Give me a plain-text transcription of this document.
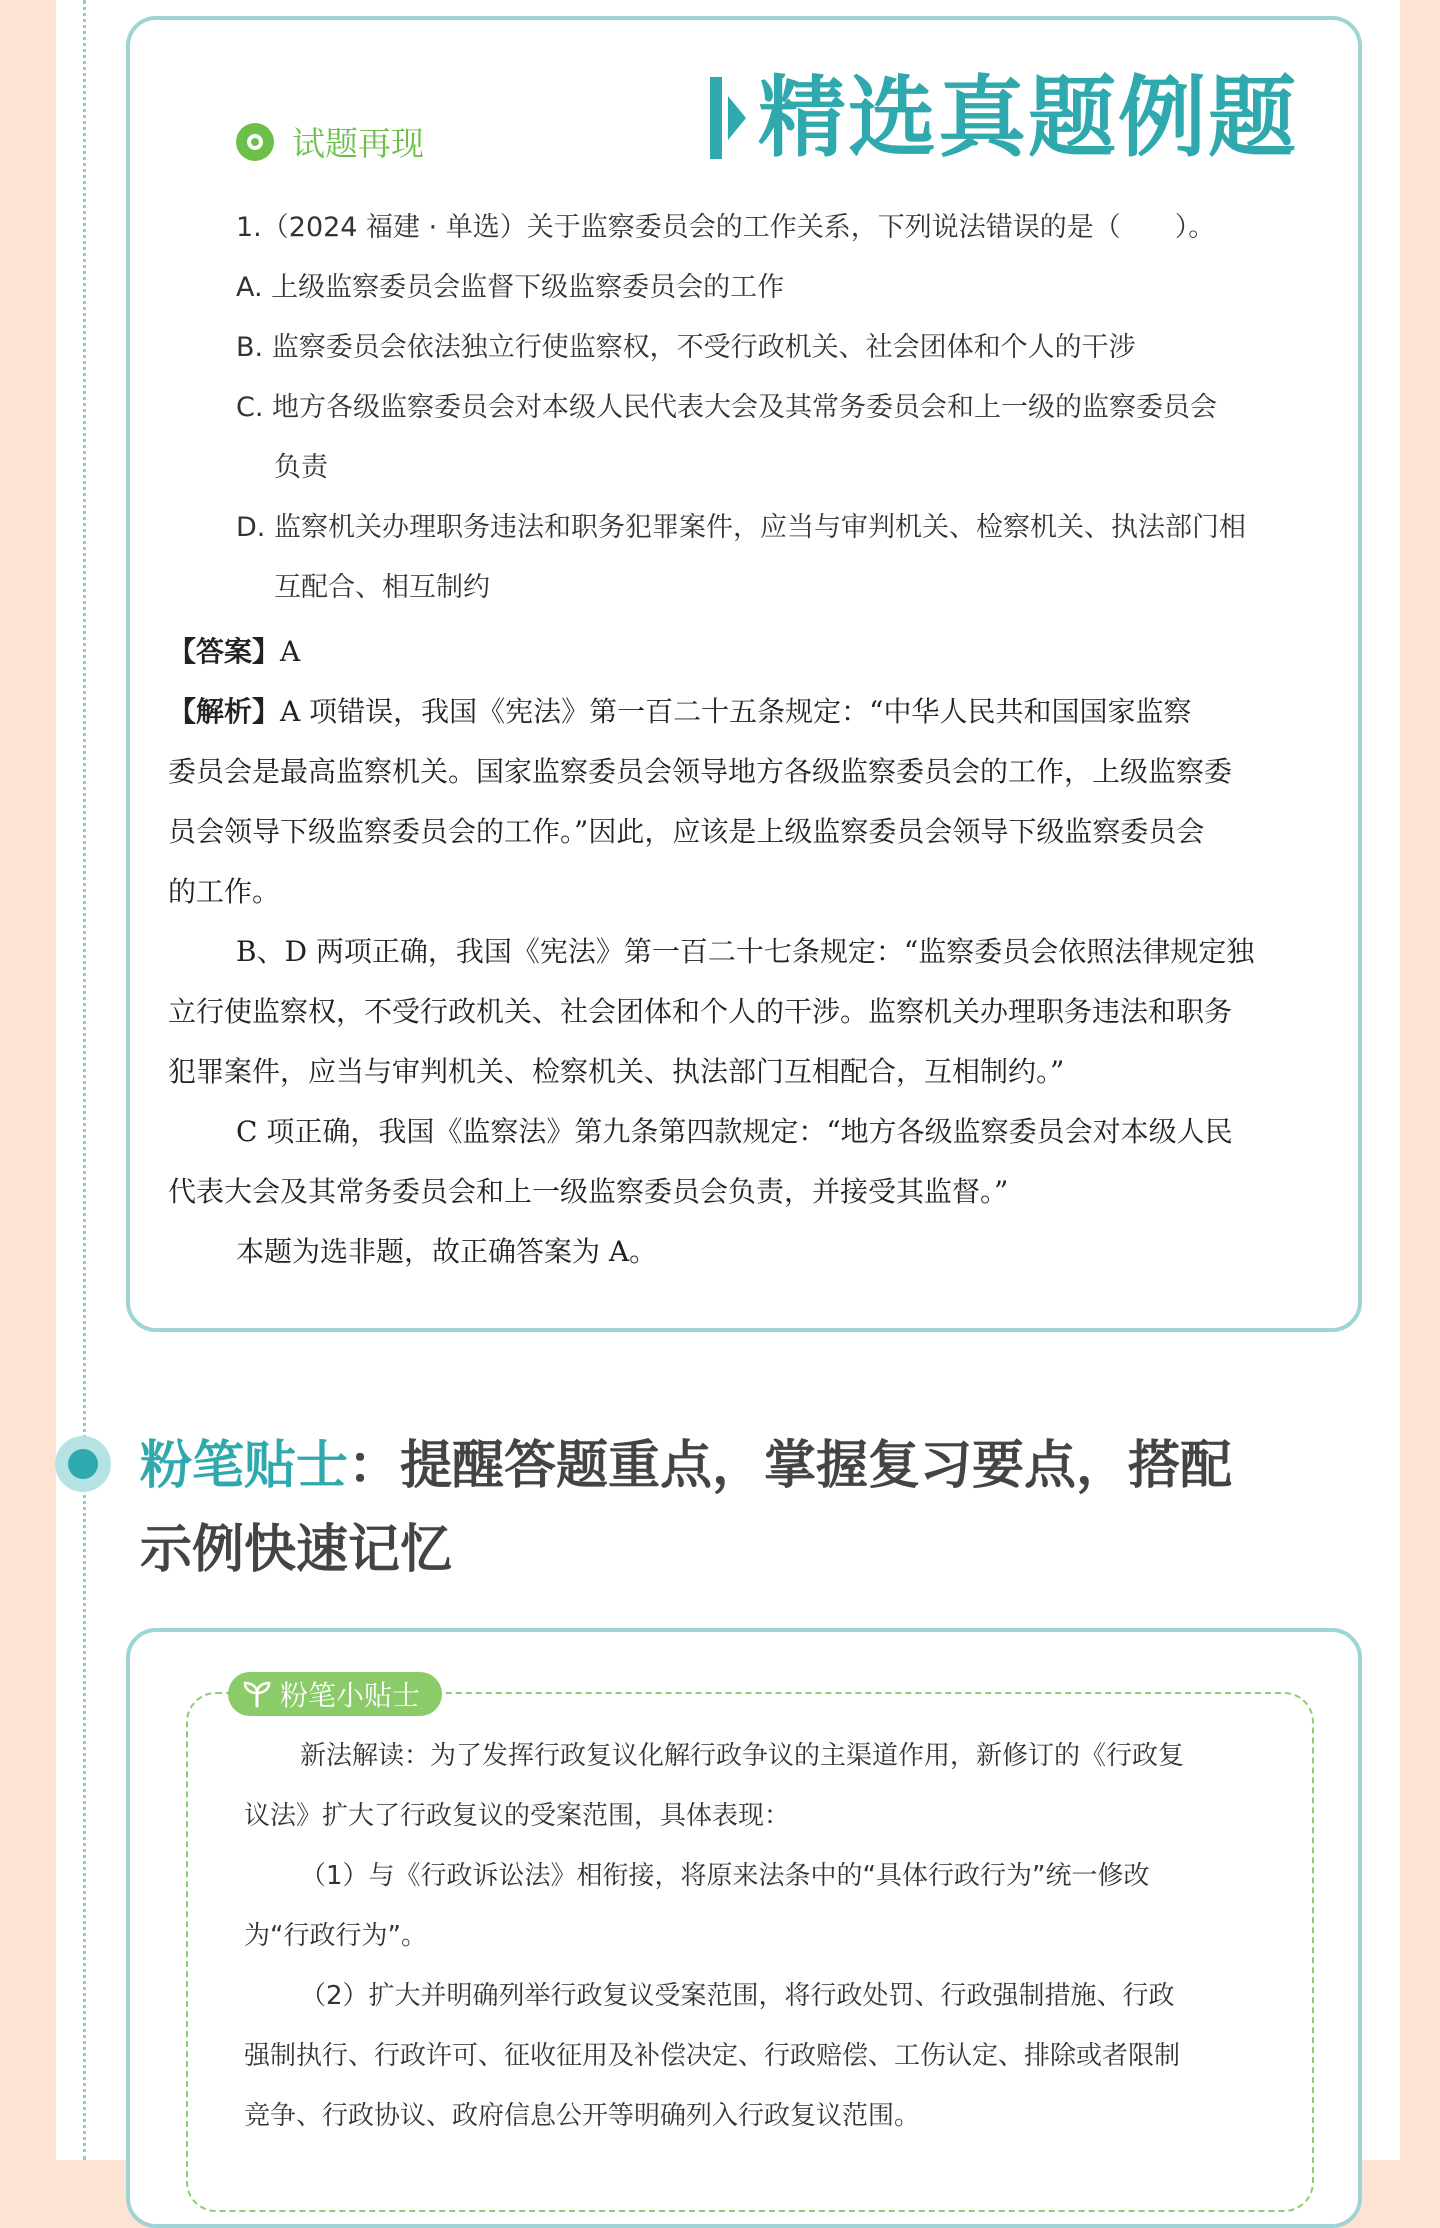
精选真题例题
试题再现
1.（2024 福建 · 单选）关于监察委员会的工作关系，下列说法错误的是（　　）。
A. 上级监察委员会监督下级监察委员会的工作
B. 监察委员会依法独立行使监察权，不受行政机关、社会团体和个人的干涉
C. 地方各级监察委员会对本级人民代表大会及其常务委员会和上一级的监察委员会
负责
D. 监察机关办理职务违法和职务犯罪案件，应当与审判机关、检察机关、执法部门相
互配合、相互制约
【答案】A
【解析】A 项错误，我国《宪法》第一百二十五条规定：“中华人民共和国国家监察
委员会是最高监察机关。国家监察委员会领导地方各级监察委员会的工作，上级监察委
员会领导下级监察委员会的工作。”因此，应该是上级监察委员会领导下级监察委员会
的工作。
B、D 两项正确，我国《宪法》第一百二十七条规定：“监察委员会依照法律规定独
立行使监察权，不受行政机关、社会团体和个人的干涉。监察机关办理职务违法和职务
犯罪案件，应当与审判机关、检察机关、执法部门互相配合，互相制约。”
C 项正确，我国《监察法》第九条第四款规定：“地方各级监察委员会对本级人民
代表大会及其常务委员会和上一级监察委员会负责，并接受其监督。”
本题为选非题，故正确答案为 A。
粉笔贴士：提醒答题重点，掌握复习要点，搭配
示例快速记忆
粉笔小贴士
新法解读：为了发挥行政复议化解行政争议的主渠道作用，新修订的《行政复
议法》扩大了行政复议的受案范围，具体表现：
（1）与《行政诉讼法》相衔接，将原来法条中的“具体行政行为”统一修改
为“行政行为”。
（2）扩大并明确列举行政复议受案范围，将行政处罚、行政强制措施、行政
强制执行、行政许可、征收征用及补偿决定、行政赔偿、工伤认定、排除或者限制
竞争、行政协议、政府信息公开等明确列入行政复议范围。
